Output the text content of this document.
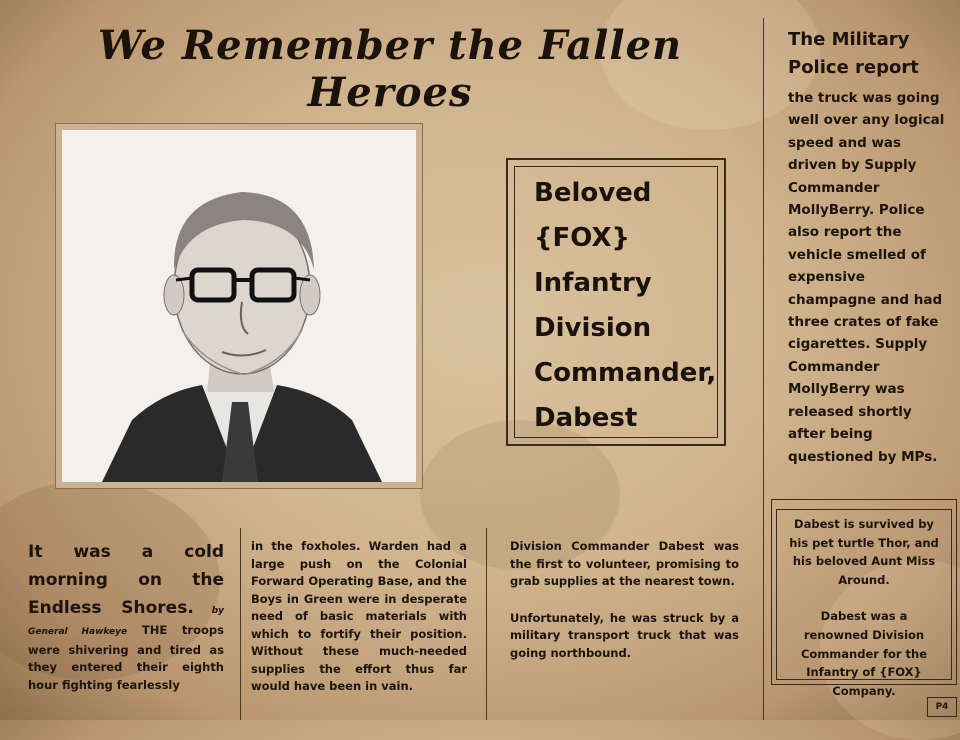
We Remember the Fallen Heroes
Beloved
{FOX}
Infantry
Division
Commander,
Dabest
The Military Police report

the truck was going well over any logical speed and was driven by Supply Commander MollyBerry. Police also report the vehicle smelled of expensive champagne and had three crates of fake cigarettes. Supply Commander MollyBerry was released shortly after being questioned by MPs.

Dabest is survived by his pet turtle Thor, and his beloved Aunt Miss Around.

Dabest was a renowned Division Commander for the Infantry of {FOX} Company.

It was a cold morning on the Endless Shores. by General Hawkeye THE troops were shivering and tired as they entered their eighth hour fighting fearlessly

in the foxholes. Warden had a large push on the Colonial Forward Operating Base, and the Boys in Green were in desperate need of basic materials with which to fortify their position. Without these much-needed supplies the effort thus far would have been in vain.

Division Commander Dabest was the first to volunteer, promising to grab supplies at the nearest town.

Unfortunately, he was struck by a military transport truck that was going northbound.

P4
